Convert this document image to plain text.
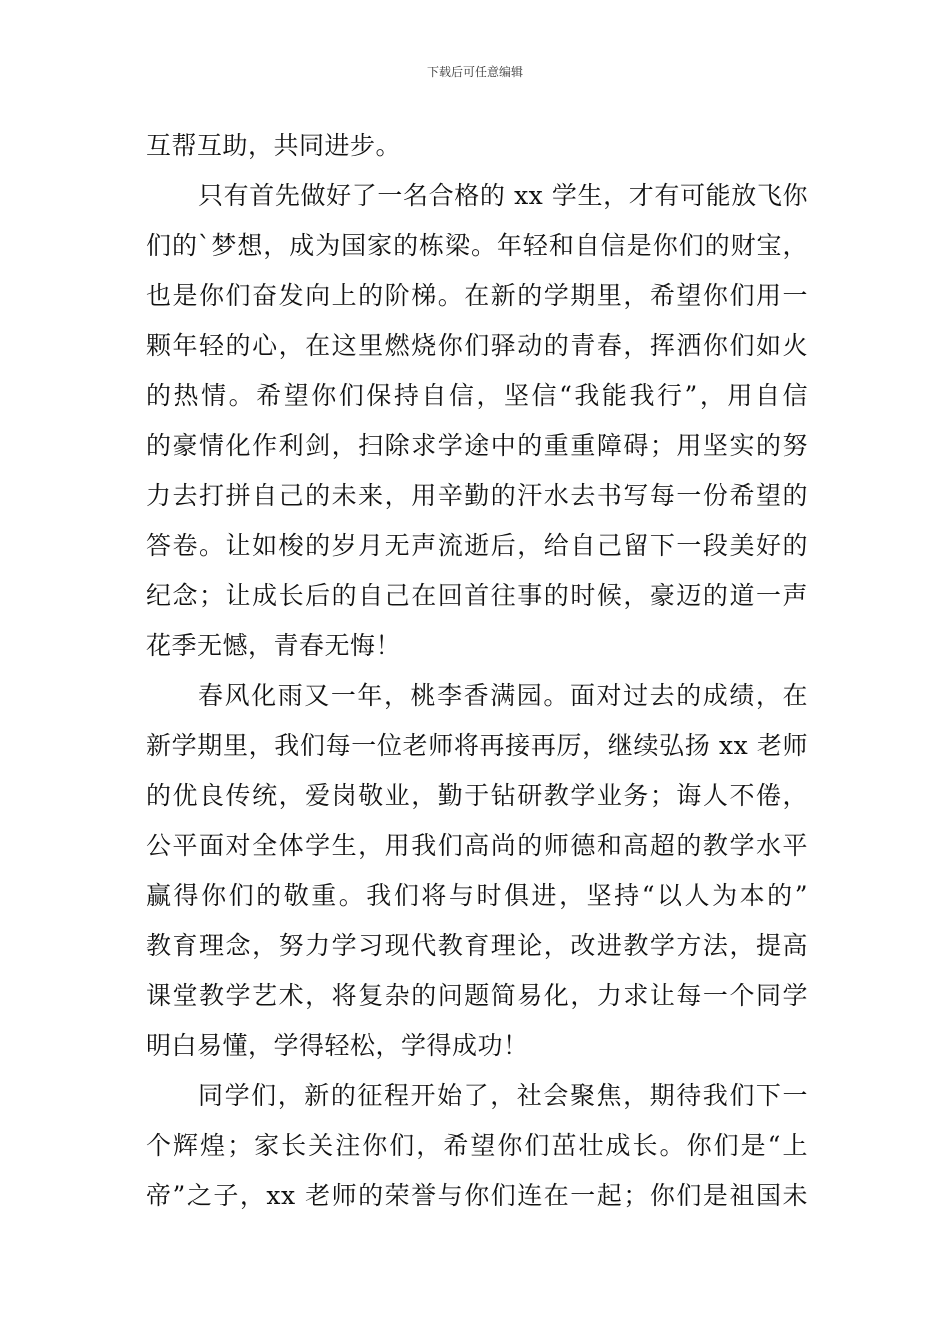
下载后可任意编辑
互帮互助，共同进步。
只有首先做好了一名合格的 xx 学生，才有可能放飞你
们的`梦想，成为国家的栋梁。年轻和自信是你们的财宝，
也是你们奋发向上的阶梯。在新的学期里，希望你们用一
颗年轻的心，在这里燃烧你们驿动的青春，挥洒你们如火
的热情。希望你们保持自信，坚信“我能我行”，用自信
的豪情化作利剑，扫除求学途中的重重障碍；用坚实的努
力去打拼自己的未来，用辛勤的汗水去书写每一份希望的
答卷。让如梭的岁月无声流逝后，给自己留下一段美好的
纪念；让成长后的自己在回首往事的时候，豪迈的道一声
花季无憾，青春无悔！
春风化雨又一年，桃李香满园。面对过去的成绩，在
新学期里，我们每一位老师将再接再厉，继续弘扬 xx 老师
的优良传统，爱岗敬业，勤于钻研教学业务；诲人不倦，
公平面对全体学生，用我们高尚的师德和高超的教学水平
赢得你们的敬重。我们将与时俱进，坚持“以人为本的”
教育理念，努力学习现代教育理论，改进教学方法，提高
课堂教学艺术，将复杂的问题简易化，力求让每一个同学
明白易懂，学得轻松，学得成功！
同学们，新的征程开始了，社会聚焦，期待我们下一
个辉煌；家长关注你们，希望你们茁壮成长。你们是“上
帝”之子，xx 老师的荣誉与你们连在一起；你们是祖国未
